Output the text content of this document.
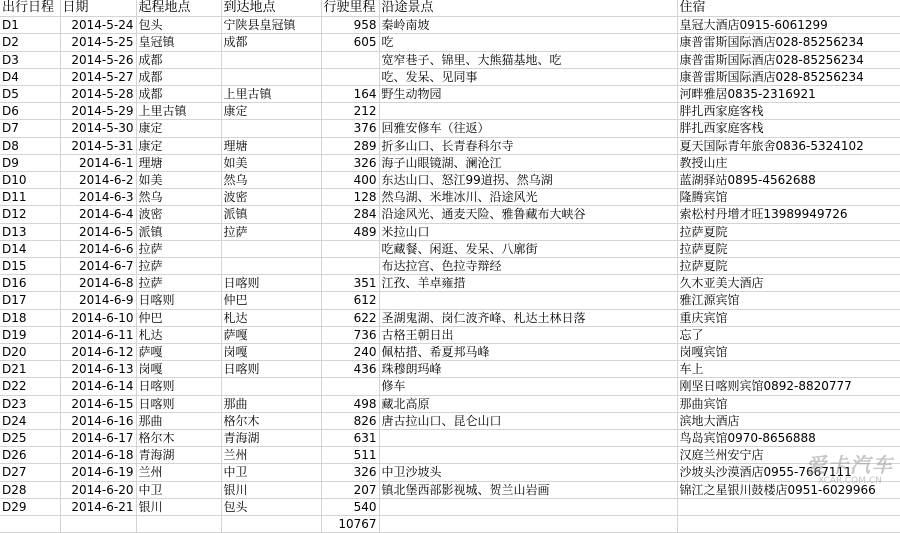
出行日程	日期	起程地点	到达地点	行驶里程	沿途景点	住宿
D1	2014-5-24	包头	宁陕县皇冠镇	958	秦岭南坡	皇冠大酒店0915-6061299
D2	2014-5-25	皇冠镇	成都	605	吃	康普雷斯国际酒店028-85256234
D3	2014-5-26	成都			宽窄巷子、锦里、大熊猫基地、吃	康普雷斯国际酒店028-85256234
D4	2014-5-27	成都			吃、发呆、见同事	康普雷斯国际酒店028-85256234
D5	2014-5-28	成都	上里古镇	164	野生动物园	河畔雅居0835-2316921
D6	2014-5-29	上里古镇	康定	212		胖扎西家庭客栈
D7	2014-5-30	康定		376	回雅安修车（往返）	胖扎西家庭客栈
D8	2014-5-31	康定	理塘	289	折多山口、长青春科尔寺	夏天国际青年旅舍0836-5324102
D9	2014-6-1	理塘	如美	326	海子山眼镜湖、澜沧江	教授山庄
D10	2014-6-2	如美	然乌	400	东达山口、怒江99道拐、然乌湖	蓝湖驿站0895-4562688
D11	2014-6-3	然乌	波密	128	然乌湖、米堆冰川、沿途风光	隆腾宾馆
D12	2014-6-4	波密	派镇	284	沿途风光、通麦天险、雅鲁藏布大峡谷	索松村丹增才旺13989949726
D13	2014-6-5	派镇	拉萨	489	米拉山口	拉萨夏院
D14	2014-6-6	拉萨			吃藏餐、闲逛、发呆、八廓街	拉萨夏院
D15	2014-6-7	拉萨			布达拉宫、色拉寺辩经	拉萨夏院
D16	2014-6-8	拉萨	日喀则	351	江孜、羊卓雍措	久木亚美大酒店
D17	2014-6-9	日喀则	仲巴	612		雅江源宾馆
D18	2014-6-10	仲巴	札达	622	圣湖鬼湖、岗仁波齐峰、札达土林日落	重庆宾馆
D19	2014-6-11	札达	萨嘎	736	古格王朝日出	忘了
D20	2014-6-12	萨嘎	岗嘎	240	佩枯措、希夏邦马峰	岗嘎宾馆
D21	2014-6-13	岗嘎	日喀则	436	珠穆朗玛峰	车上
D22	2014-6-14	日喀则			修车	刚坚日喀则宾馆0892-8820777
D23	2014-6-15	日喀则	那曲	498	藏北高原	那曲宾馆
D24	2014-6-16	那曲	格尔木	826	唐古拉山口、昆仑山口	滨地大酒店
D25	2014-6-17	格尔木	青海湖	631		鸟岛宾馆0970-8656888
D26	2014-6-18	青海湖	兰州	511		汉庭兰州安宁店
D27	2014-6-19	兰州	中卫	326	中卫沙坡头	沙坡头沙漠酒店0955-7667111
D28	2014-6-20	中卫	银川	207	镇北堡西部影视城、贺兰山岩画	锦江之星银川鼓楼店0951-6029966
D29	2014-6-21	银川	包头	540		
				10767		
爱卡汽车
XCAR.COM.CN
